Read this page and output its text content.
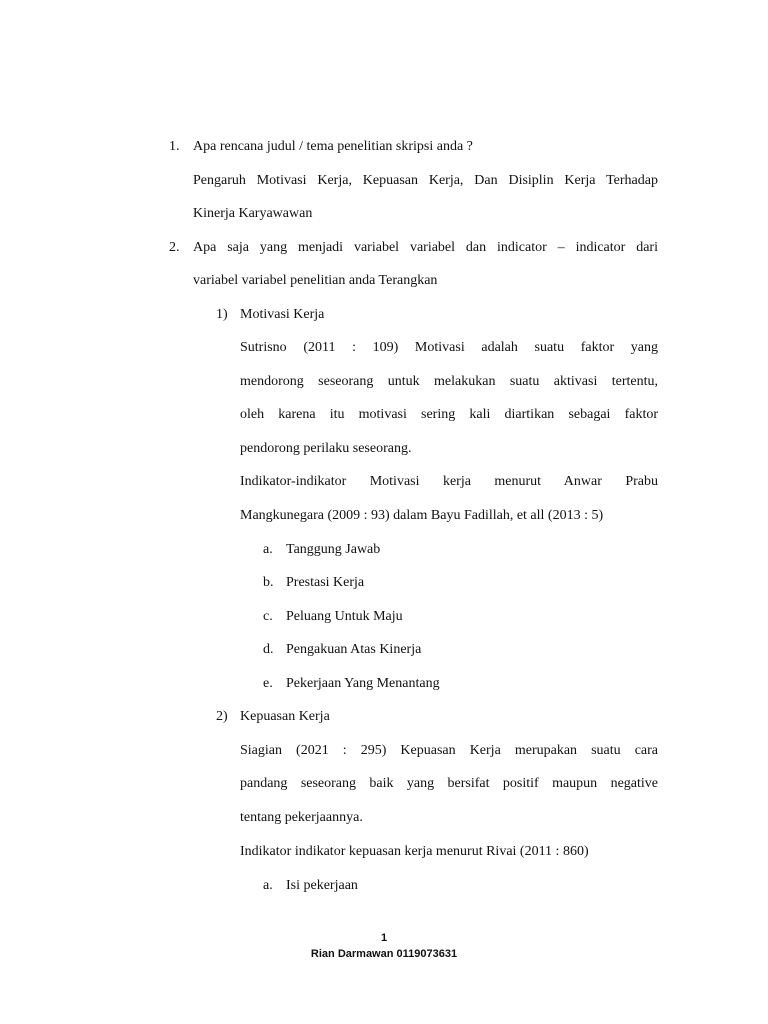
1. Apa rencana judul / tema penelitian skripsi anda ?
Pengaruh Motivasi Kerja, Kepuasan Kerja, Dan Disiplin Kerja Terhadap
Kinerja Karyawawan
2. Apa saja yang menjadi variabel variabel dan indicator – indicator dari
variabel variabel penelitian anda Terangkan
1) Motivasi Kerja
Sutrisno (2011 : 109) Motivasi adalah suatu faktor yang
mendorong seseorang untuk melakukan suatu aktivasi tertentu,
oleh karena itu motivasi sering kali diartikan sebagai faktor
pendorong perilaku seseorang.
Indikator-indikator Motivasi kerja menurut Anwar Prabu
Mangkunegara (2009 : 93) dalam Bayu Fadillah, et all (2013 : 5)
a. Tanggung Jawab
b. Prestasi Kerja
c. Peluang Untuk Maju
d. Pengakuan Atas Kinerja
e. Pekerjaan Yang Menantang
2) Kepuasan Kerja
Siagian (2021 : 295) Kepuasan Kerja merupakan suatu cara
pandang seseorang baik yang bersifat positif maupun negative
tentang pekerjaannya.
Indikator indikator kepuasan kerja menurut Rivai (2011 : 860)
a. Isi pekerjaan
1
Rian Darmawan 0119073631
